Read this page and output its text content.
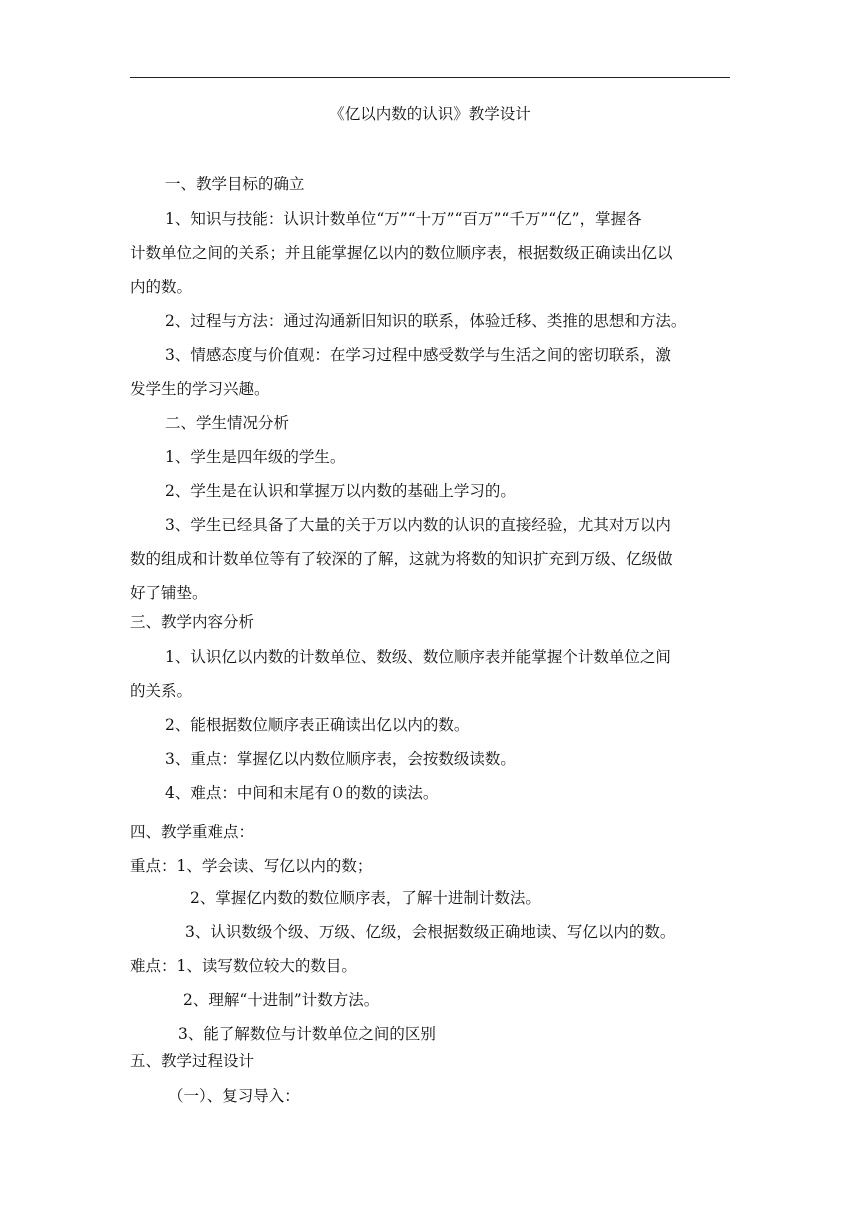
《亿以内数的认识》教学设计
一、教学目标的确立
1、知识与技能：认识计数单位“万”“十万”“百万”“千万”“亿”，掌握各
计数单位之间的关系；并且能掌握亿以内的数位顺序表，根据数级正确读出亿以
内的数。
2、过程与方法：通过沟通新旧知识的联系，体验迁移、类推的思想和方法。
3、情感态度与价值观：在学习过程中感受数学与生活之间的密切联系，激
发学生的学习兴趣。
二、学生情况分析
1、学生是四年级的学生。
2、学生是在认识和掌握万以内数的基础上学习的。
3、学生已经具备了大量的关于万以内数的认识的直接经验，尤其对万以内
数的组成和计数单位等有了较深的了解，这就为将数的知识扩充到万级、亿级做
好了铺垫。
三、教学内容分析
1、认识亿以内数的计数单位、数级、数位顺序表并能掌握个计数单位之间
的关系。
2、能根据数位顺序表正确读出亿以内的数。
3、重点：掌握亿以内数位顺序表，会按数级读数。
4、难点：中间和末尾有０的数的读法。
四、教学重难点：
重点：1、学会读、写亿以内的数；
2、掌握亿内数的数位顺序表，了解十进制计数法。
3、认识数级个级、万级、亿级，会根据数级正确地读、写亿以内的数。
难点：1、读写数位较大的数目。
2、理解“十进制”计数方法。
3、能了解数位与计数单位之间的区别
五、教学过程设计
（一）、复习导入：
